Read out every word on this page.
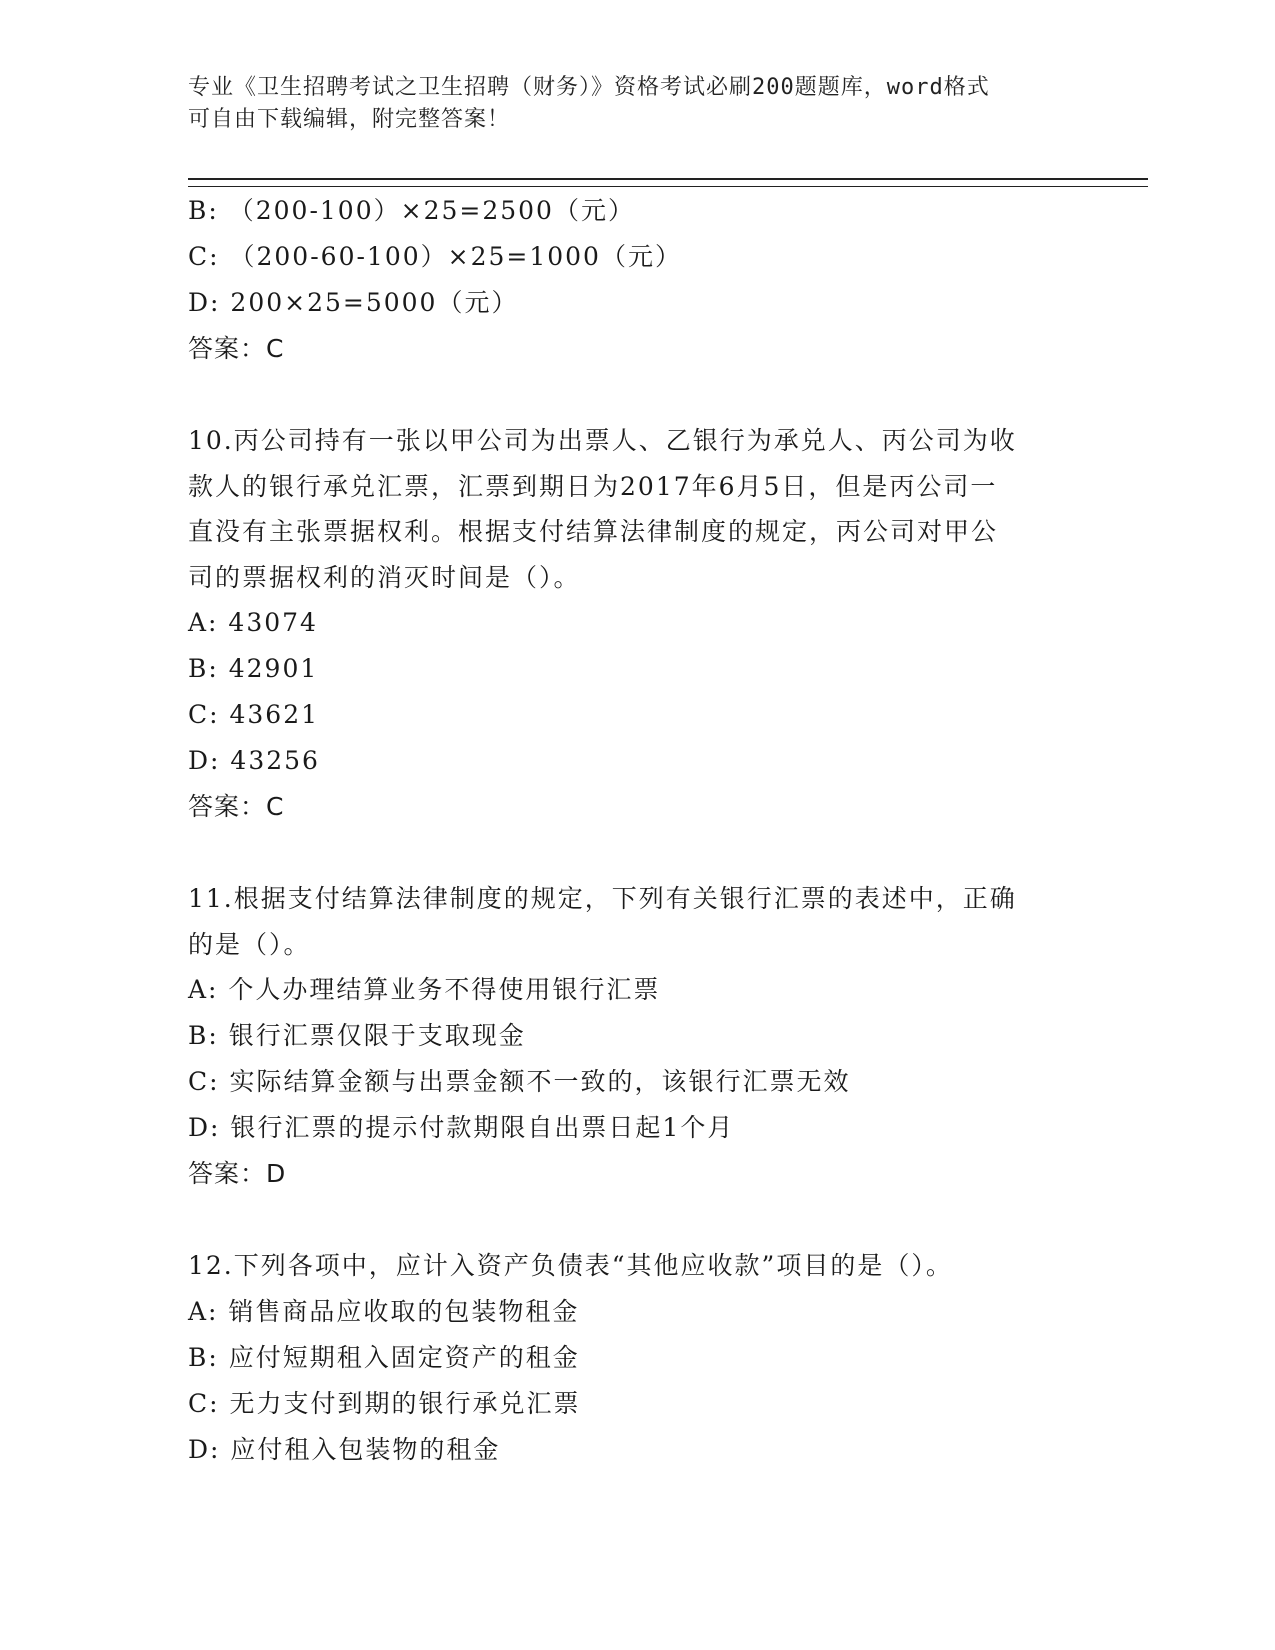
专业《卫生招聘考试之卫生招聘（财务）》资格考试必刷200题题库，word格式
可自由下载编辑，附完整答案！
B: （200-100）×25=2500（元）
C: （200-60-100）×25=1000（元）
D: 200×25=5000（元）
答案：C
10.丙公司持有一张以甲公司为出票人、乙银行为承兑人、丙公司为收
款人的银行承兑汇票，汇票到期日为2017年6月5日，但是丙公司一
直没有主张票据权利。根据支付结算法律制度的规定，丙公司对甲公
司的票据权利的消灭时间是（）。
A: 43074
B: 42901
C: 43621
D: 43256
答案：C
11.根据支付结算法律制度的规定，下列有关银行汇票的表述中，正确
的是（）。
A: 个人办理结算业务不得使用银行汇票
B: 银行汇票仅限于支取现金
C: 实际结算金额与出票金额不一致的，该银行汇票无效
D: 银行汇票的提示付款期限自出票日起1个月
答案：D
12.下列各项中，应计入资产负债表“其他应收款”项目的是（）。
A: 销售商品应收取的包装物租金
B: 应付短期租入固定资产的租金
C: 无力支付到期的银行承兑汇票
D: 应付租入包装物的租金
